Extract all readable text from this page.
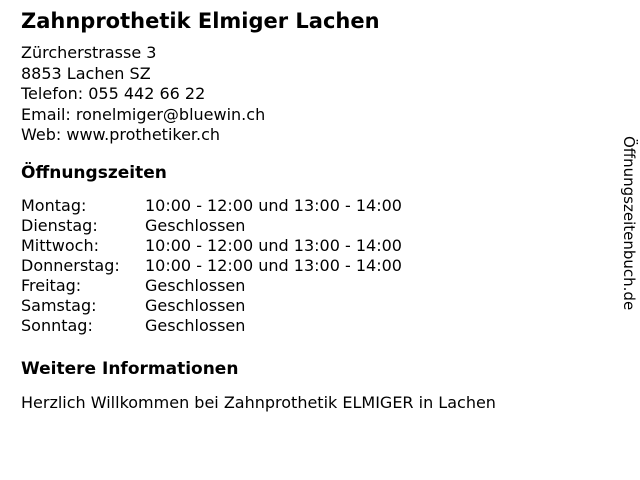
Zahnprothetik Elmiger Lachen
Zürcherstrasse 3
8853 Lachen SZ
Telefon: 055 442 66 22
Email: ronelmiger@bluewin.ch
Web: www.prothetiker.ch
Öffnungszeiten
Montag:	10:00 - 12:00 und 13:00 - 14:00
Dienstag:	Geschlossen
Mittwoch:	10:00 - 12:00 und 13:00 - 14:00
Donnerstag:	10:00 - 12:00 und 13:00 - 14:00
Freitag:	Geschlossen
Samstag:	Geschlossen
Sonntag:	Geschlossen
Weitere Informationen
Herzlich Willkommen bei Zahnprothetik ELMIGER in Lachen
Öffnungszeitenbuch.de
